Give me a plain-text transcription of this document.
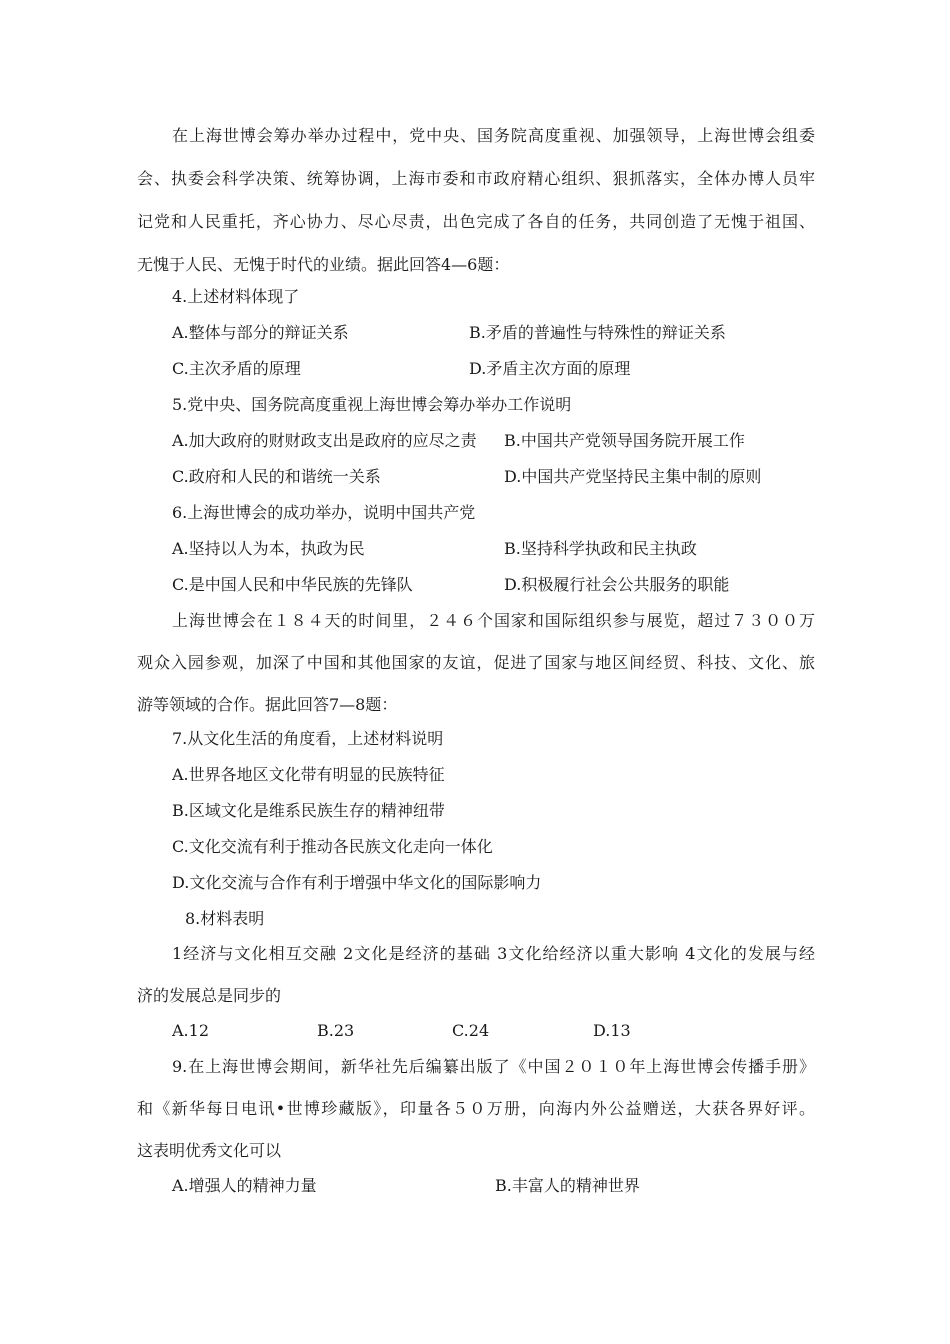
在上海世博会筹办举办过程中，党中央、国务院高度重视、加强领导，上海世博会组委
会、执委会科学决策、统筹协调，上海市委和市政府精心组织、狠抓落实，全体办博人员牢
记党和人民重托，齐心协力、尽心尽责，出色完成了各自的任务，共同创造了无愧于祖国、
无愧于人民、无愧于时代的业绩。据此回答4—6题：
4.上述材料体现了
A.整体与部分的辩证关系	B.矛盾的普遍性与特殊性的辩证关系
C.主次矛盾的原理	D.矛盾主次方面的原理
5.党中央、国务院高度重视上海世博会筹办举办工作说明
A.加大政府的财财政支出是政府的应尽之责 B.中国共产党领导国务院开展工作
C.政府和人民的和谐统一关系	D.中国共产党坚持民主集中制的原则
6.上海世博会的成功举办，说明中国共产党
A.坚持以人为本，执政为民	B.坚持科学执政和民主执政
C.是中国人民和中华民族的先锋队	D.积极履行社会公共服务的职能
上海世博会在１８４天的时间里，２４６个国家和国际组织参与展览，超过７３００万
观众入园参观，加深了中国和其他国家的友谊，促进了国家与地区间经贸、科技、文化、旅
游等领域的合作。据此回答7—8题：
7.从文化生活的角度看，上述材料说明
A.世界各地区文化带有明显的民族特征
B.区域文化是维系民族生存的精神纽带
C.文化交流有利于推动各民族文化走向一体化
D.文化交流与合作有利于增强中华文化的国际影响力
8.材料表明
1经济与文化相互交融 2文化是经济的基础 3文化给经济以重大影响 4文化的发展与经
济的发展总是同步的
A.12	B.23	C.24	D.13
9.在上海世博会期间，新华社先后编纂出版了《中国２０１０年上海世博会传播手册》
和《新华每日电讯•世博珍藏版》，印量各５０万册，向海内外公益赠送，大获各界好评。
这表明优秀文化可以
A.增强人的精神力量	B.丰富人的精神世界
